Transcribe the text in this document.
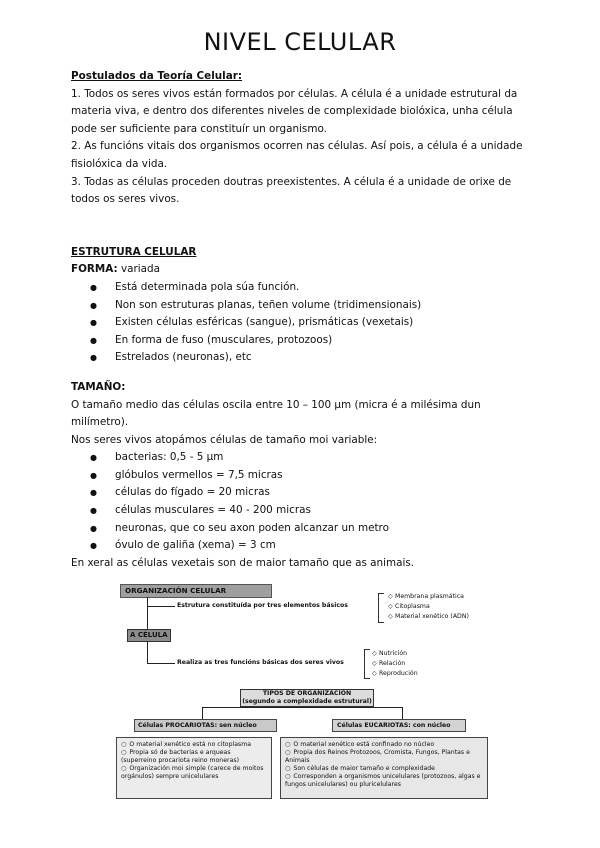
NIVEL CELULAR

Postulados da Teoría Celular:

1. Todos os seres vivos están formados por células. A célula é a unidade estrutural da materia viva, e dentro dos diferentes niveles de complexidade biolóxica, unha célula pode ser suficiente para constituír un organismo.

2. As funcións vitais dos organismos ocorren nas células. Así pois, a célula é a unidade fisiolóxica da vida.

3. Todas as células proceden doutras preexistentes. A célula é a unidade de orixe de todos os seres vivos.

ESTRUTURA CELULAR

FORMA: variada

● Está determinada pola súa función.
● Non son estruturas planas, teñen volume (tridimensionais)
● Existen células esféricas (sangue), prismáticas (vexetais)
● En forma de fuso (musculares, protozoos)
● Estrelados (neuronas), etc

TAMAÑO:

O tamaño medio das células oscila entre 10 – 100 µm (micra é a milésima dun milímetro).

Nos seres vivos atopámos células de tamaño moi variable:

● bacterias: 0,5 - 5 µm
● glóbulos vermellos = 7,5 micras
● células do fígado = 20 micras
● células musculares = 40 - 200 micras
● neuronas, que co seu axon poden alcanzar un metro
● óvulo de galiña (xema) = 3 cm

En xeral as células vexetais son de maior tamaño que as animais.

ORGANIZACIÓN CELULAR
Estrutura constituída por tres elementos básicos
◇ Membrana plasmática
◇ Citoplasma
◇ Material xenético (ADN)
A CÉLULA
Realiza as tres funcións básicas dos seres vivos
◇ Nutrición
◇ Relación
◇ Reprodución
TIPOS DE ORGANIZACIÓN
(segundo a complexidade estrutural)
Células PROCARIOTAS: sen núcleo	Células EUCARIOTAS: con núcleo

○ O material xenético está no citoplasma

○ Propia só de bacterias e arqueas (superreino procariota reino moneras)

○ Organización moi simple (carece de moitos orgánulos) sempre unicelulares

○ O material xenético está confinado no núcleo

○ Propia dos Reinos Protozoos, Cromista, Fungos, Plantas e Animais

○ Son células de maior tamaño e complexidade

○ Corresponden a organismos unicelulares (protozoos, algas e fungos unicelulares) ou pluricelulares
